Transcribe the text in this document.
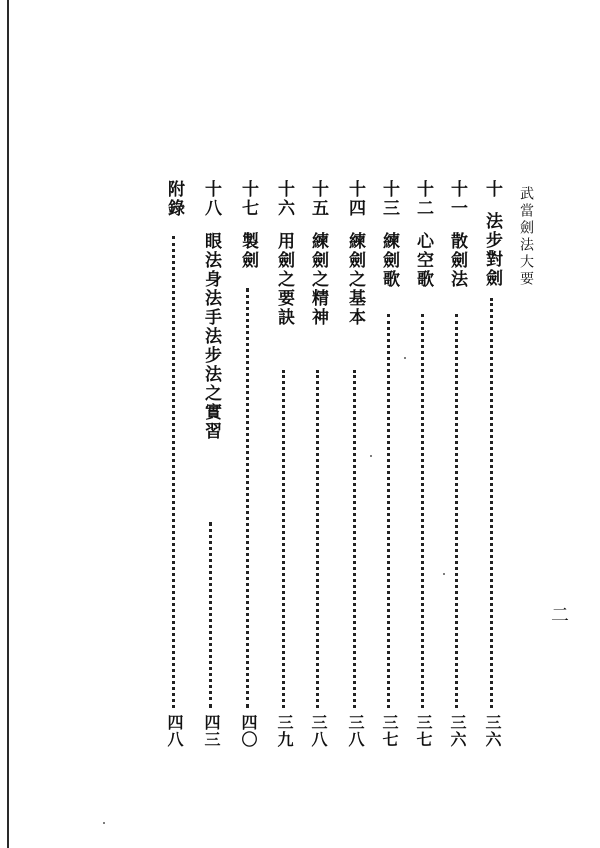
武當劍法大要
二
十
法步對劍
三六
十一
散劍法
三六
十二
心空歌
三七
十三
練劍歌
三七
十四
練劍之基本
三八
十五
練劍之精神
三八
十六
用劍之要訣
三九
十七
製劍
四〇
十八
眼法身法手法步法之實習
四三
附錄
四八
